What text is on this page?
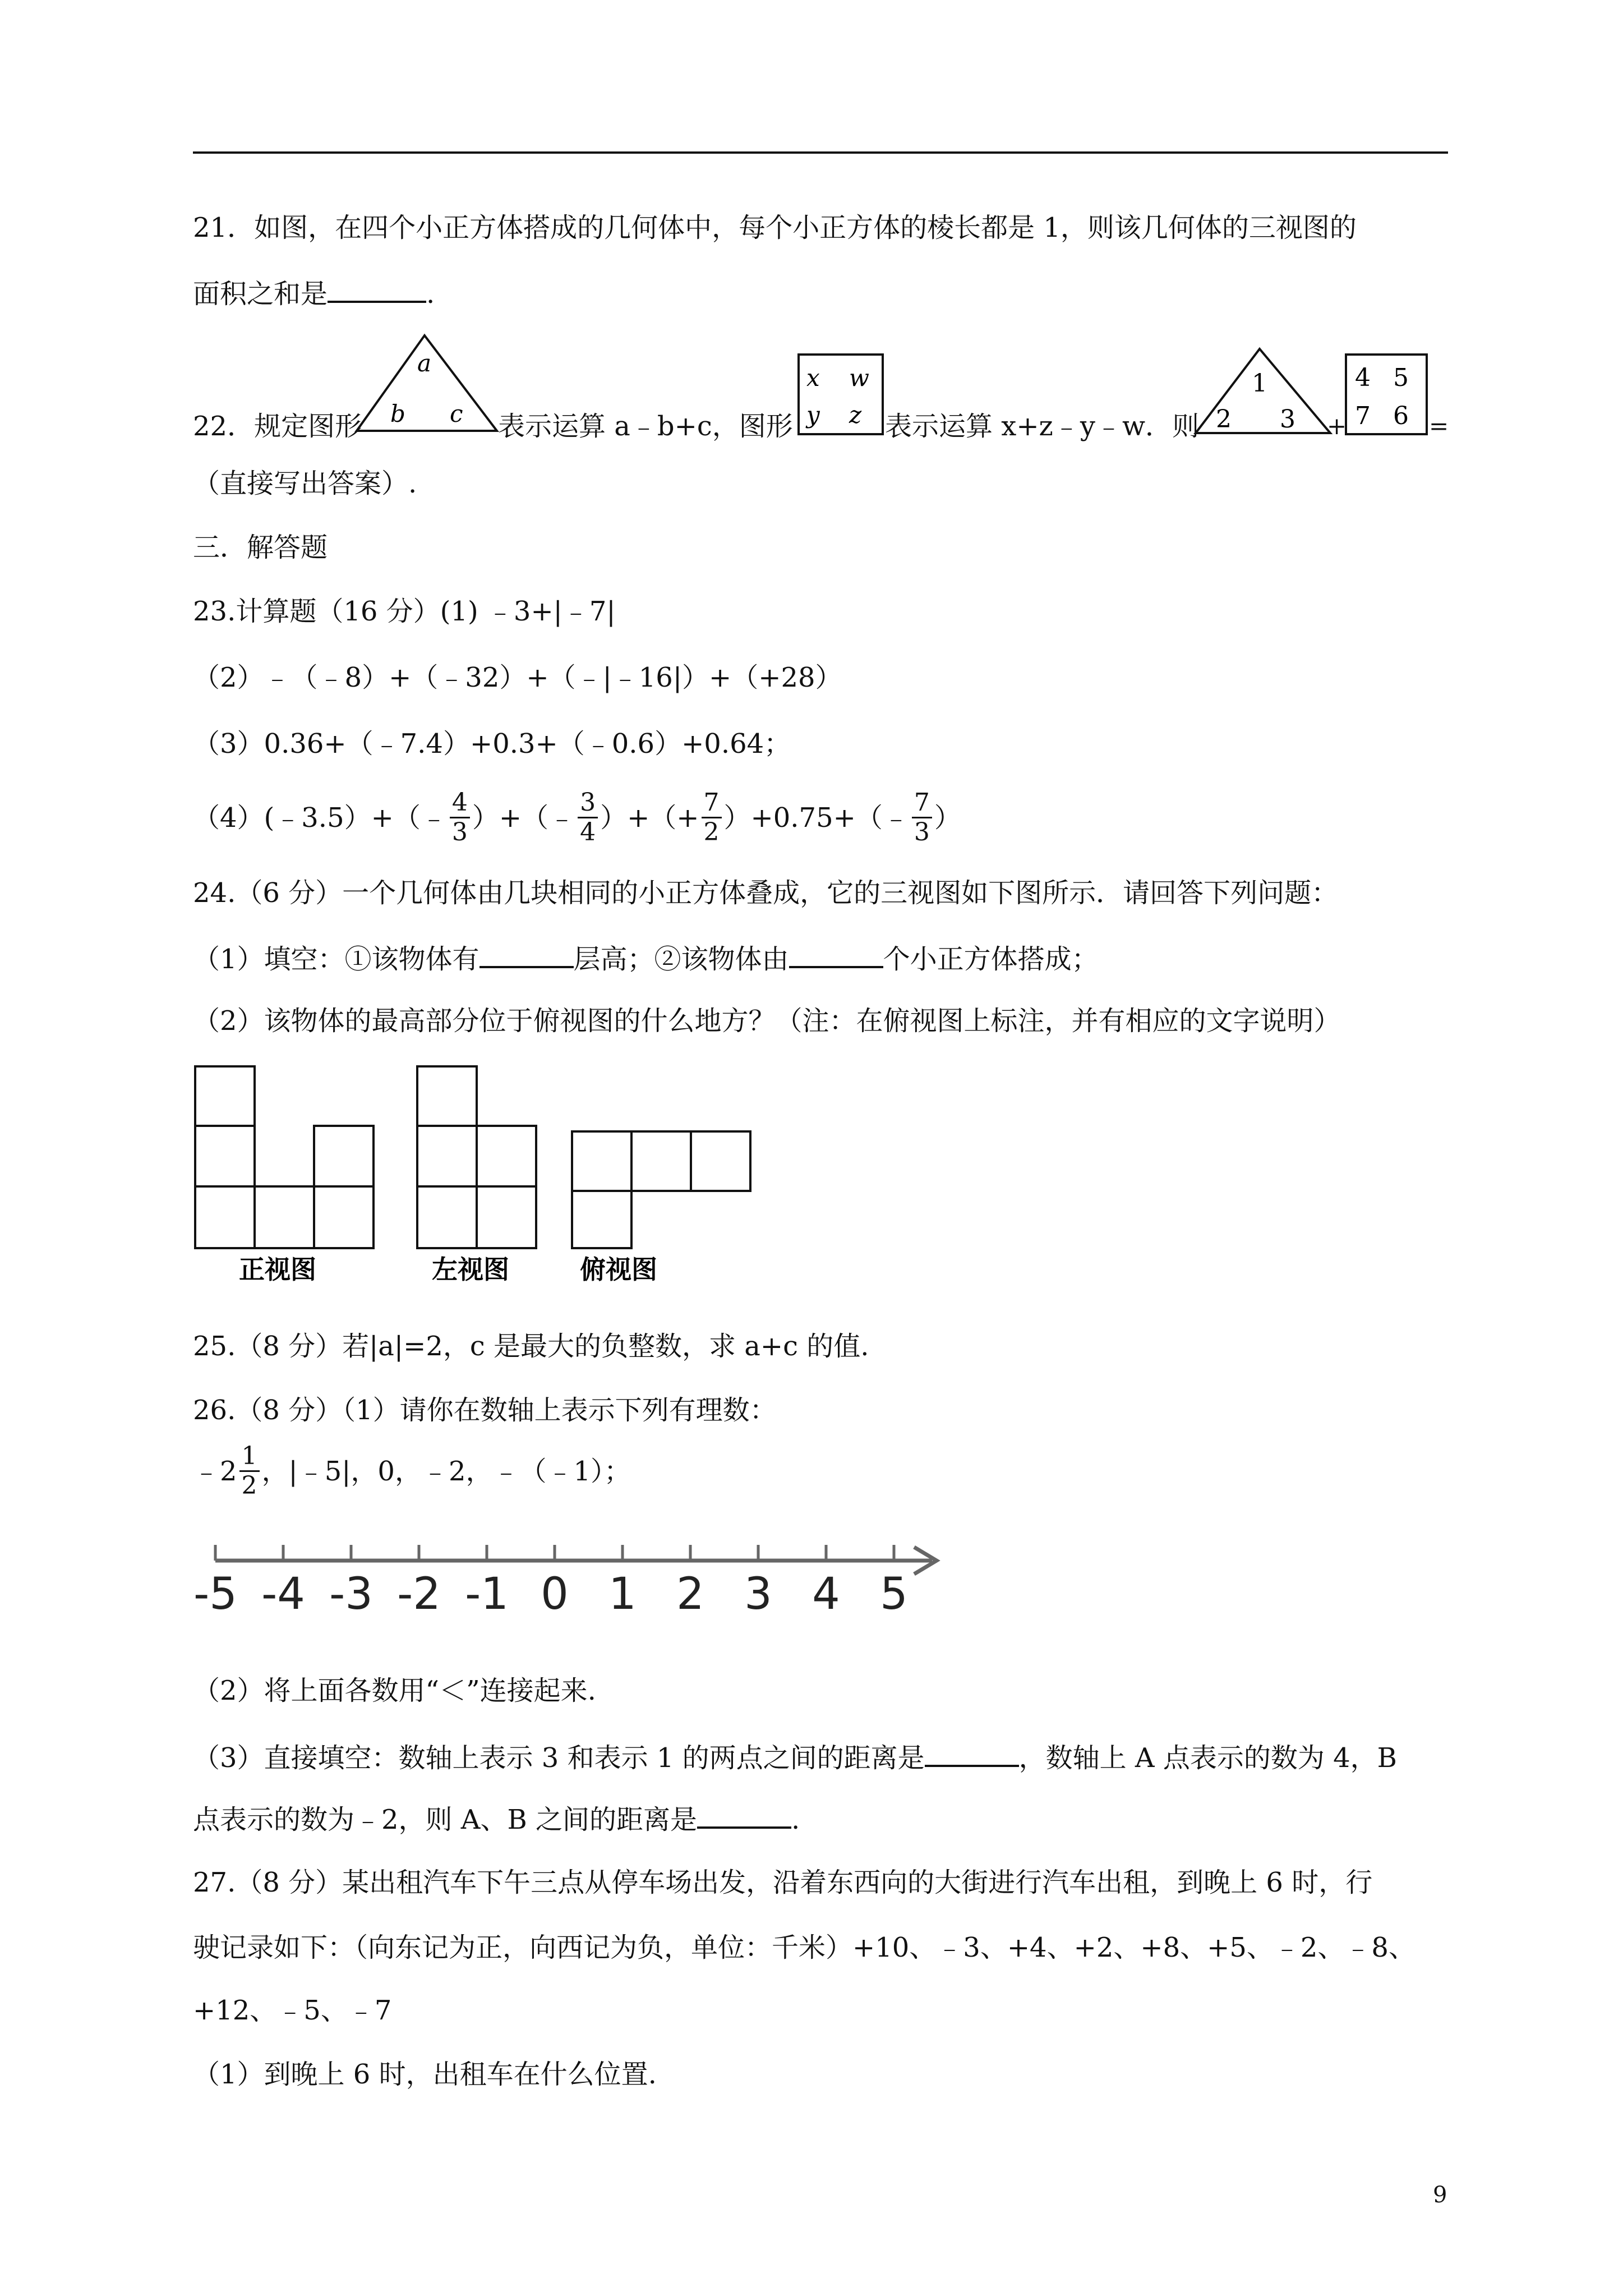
21．如图，在四个小正方体搭成的几何体中，每个小正方体的棱长都是 1，则该几何体的三视图的
面积之和是	.
22．规定图形
a
b c 表示运算 a﹣b+c，图形
x w
y z 表示运算 x+z﹣y﹣w．则
1
2 3 +
4 5
7 6 =
（直接写出答案）.
三．解答题
23.计算题（16 分）(1) ﹣3+|﹣7|
（2）﹣（﹣8）+（﹣32）+（﹣|﹣16|）+（+28）
（3）0.36+（﹣7.4）+0.3+（﹣0.6）+0.64；
（4）(﹣3.5）+（﹣ $\frac{4}{3}$ ）+（﹣ $\frac{3}{4}$ ）+（+ $\frac{7}{2}$ ）+0.75+（﹣ $\frac{7}{3}$ ）
24.（6 分）一个几何体由几块相同的小正方体叠成，它的三视图如下图所示．请回答下列问题：
（1）填空：①该物体有	层高；②该物体由	个小正方体搭成；
（2）该物体的最高部分位于俯视图的什么地方？（注：在俯视图上标注，并有相应的文字说明）
正视图	左视图	俯视图
25.（8 分）若|a|=2，c 是最大的负整数，求 a+c 的值.
26.（8 分）（1）请你在数轴上表示下列有理数：
﹣2 $\frac{1}{2}$ ，|﹣5|，0，﹣2，﹣（﹣1）；
-5 -4 -3 -2 -1 0 1 2 3 4 5
（2）将上面各数用“＜”连接起来.
（3）直接填空：数轴上表示 3 和表示 1 的两点之间的距离是	，数轴上 A 点表示的数为 4，B
点表示的数为﹣2，则 A、B 之间的距离是	.
27.（8 分）某出租汽车下午三点从停车场出发，沿着东西向的大街进行汽车出租，到晚上 6 时，行
驶记录如下：（向东记为正，向西记为负，单位：千米）+10、﹣3、+4、+2、+8、+5、﹣2、﹣8、
+12、﹣5、﹣7
（1）到晚上 6 时，出租车在什么位置.
9
